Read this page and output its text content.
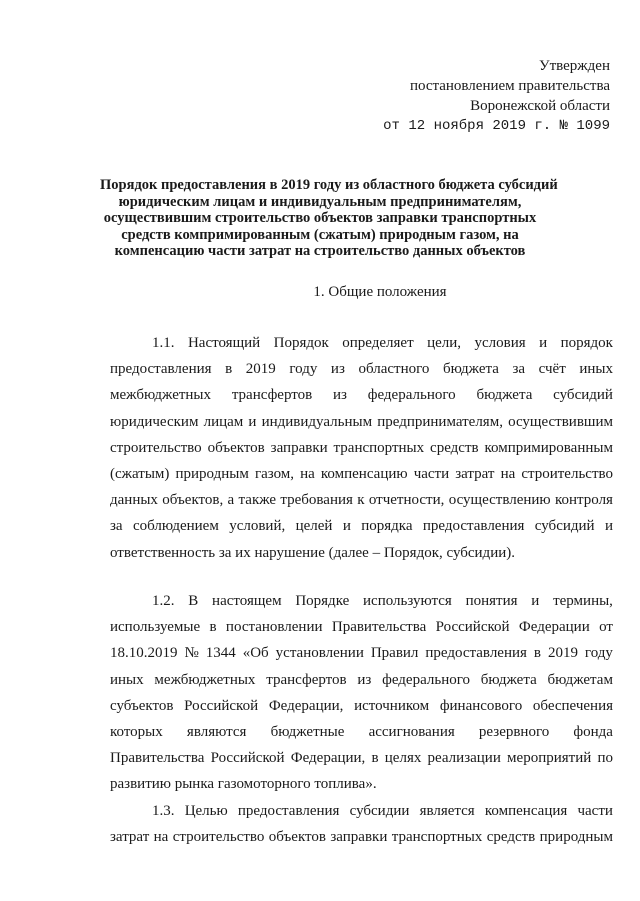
Утвержден
постановлением правительства
Воронежской области
от 12 ноября 2019 г. № 1099
Порядок предоставления в 2019 году из областного бюджета субсидий
юридическим лицам и индивидуальным предпринимателям,
осуществившим строительство объектов заправки транспортных
средств компримированным (сжатым) природным газом, на
компенсацию части затрат на строительство данных объектов
1. Общие положения
1.1. Настоящий Порядок определяет цели, условия и порядок
предоставления в 2019 году из областного бюджета за счёт иных
межбюджетных трансфертов из федерального бюджета субсидий
юридическим лицам и индивидуальным предпринимателям, осуществившим
строительство объектов заправки транспортных средств компримированным
(сжатым) природным газом, на компенсацию части затрат на строительство
данных объектов, а также требования к отчетности, осуществлению контроля
за соблюдением условий, целей и порядка предоставления субсидий и
ответственность за их нарушение (далее – Порядок, субсидии).
1.2. В настоящем Порядке используются понятия и термины,
используемые в постановлении Правительства Российской Федерации от
18.10.2019 № 1344 «Об установлении Правил предоставления в 2019 году
иных межбюджетных трансфертов из федерального бюджета бюджетам
субъектов Российской Федерации, источником финансового обеспечения
которых являются бюджетные ассигнования резервного фонда
Правительства Российской Федерации, в целях реализации мероприятий по
развитию рынка газомоторного топлива».
1.3. Целью предоставления субсидии является компенсация части
затрат на строительство объектов заправки транспортных средств природным
